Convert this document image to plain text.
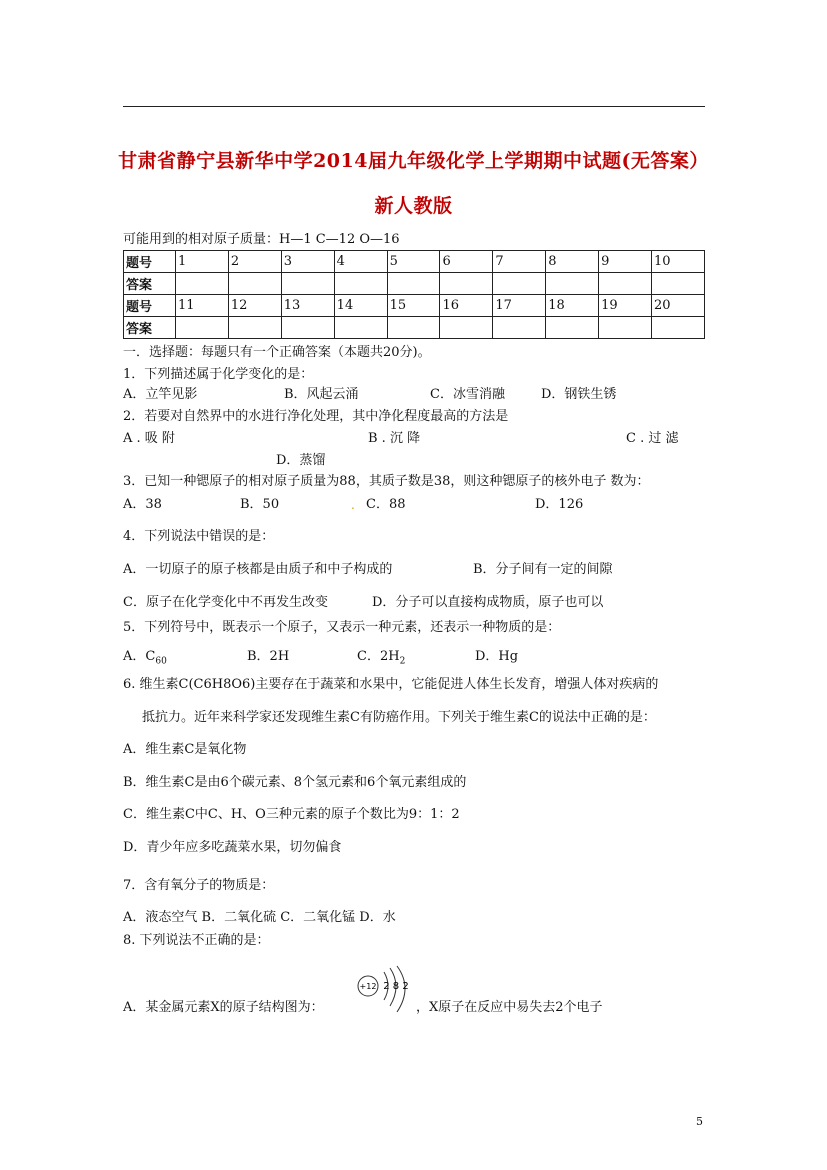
甘肃省静宁县新华中学2014届九年级化学上学期期中试题(无答案）
新人教版
可能用到的相对原子质量：H—1 C—12 O—16
题号	1	2	3	4	5	6	7	8	9	10
答案										
题号	11	12	13	14	15	16	17	18	19	20
答案										
一．选择题：每题只有一个正确答案（本题共20分)。
1．下列描述属于化学变化的是：
A．立竿见影	B．风起云涌	C．冰雪消融	D．钢铁生锈
2．若要对自然界中的水进行净化处理，其中净化程度最高的方法是
A . 吸 附	B . 沉 降	C . 过 滤
D．蒸馏
3．已知一种锶原子的相对原子质量为88，其质子数是38，则这种锶原子的核外电子 数为：
A．38	B．50	. C．88	D．126
4．下列说法中错误的是：
A．一切原子的原子核都是由质子和中子构成的	B．分子间有一定的间隙
C．原子在化学变化中不再发生改变	D．分子可以直接构成物质，原子也可以
5．下列符号中，既表示一个原子，又表示一种元素，还表示一种物质的是：
A．$C_{60}$	B．2H	C．$2H_2$	D．Hg
6. 维生素C(C6H8O6)主要存在于蔬菜和水果中，它能促进人体生长发育，增强人体对疾病的
抵抗力。近年来科学家还发现维生素C有防癌作用。下列关于维生素C的说法中正确的是：
A．维生素C是氧化物
B．维生素C是由6个碳元素、8个氢元素和6个氧元素组成的
C．维生素C中C、H、O三种元素的原子个数比为9：1：2
D．青少年应多吃蔬菜水果，切勿偏食
7．含有氧分子的物质是：
A．液态空气 B．二氧化硫 C．二氧化锰 D．水
8. 下列说法不正确的是：
A．某金属元素X的原子结构图为：
+12 2 8 2
，X原子在反应中易失去2个电子
5
